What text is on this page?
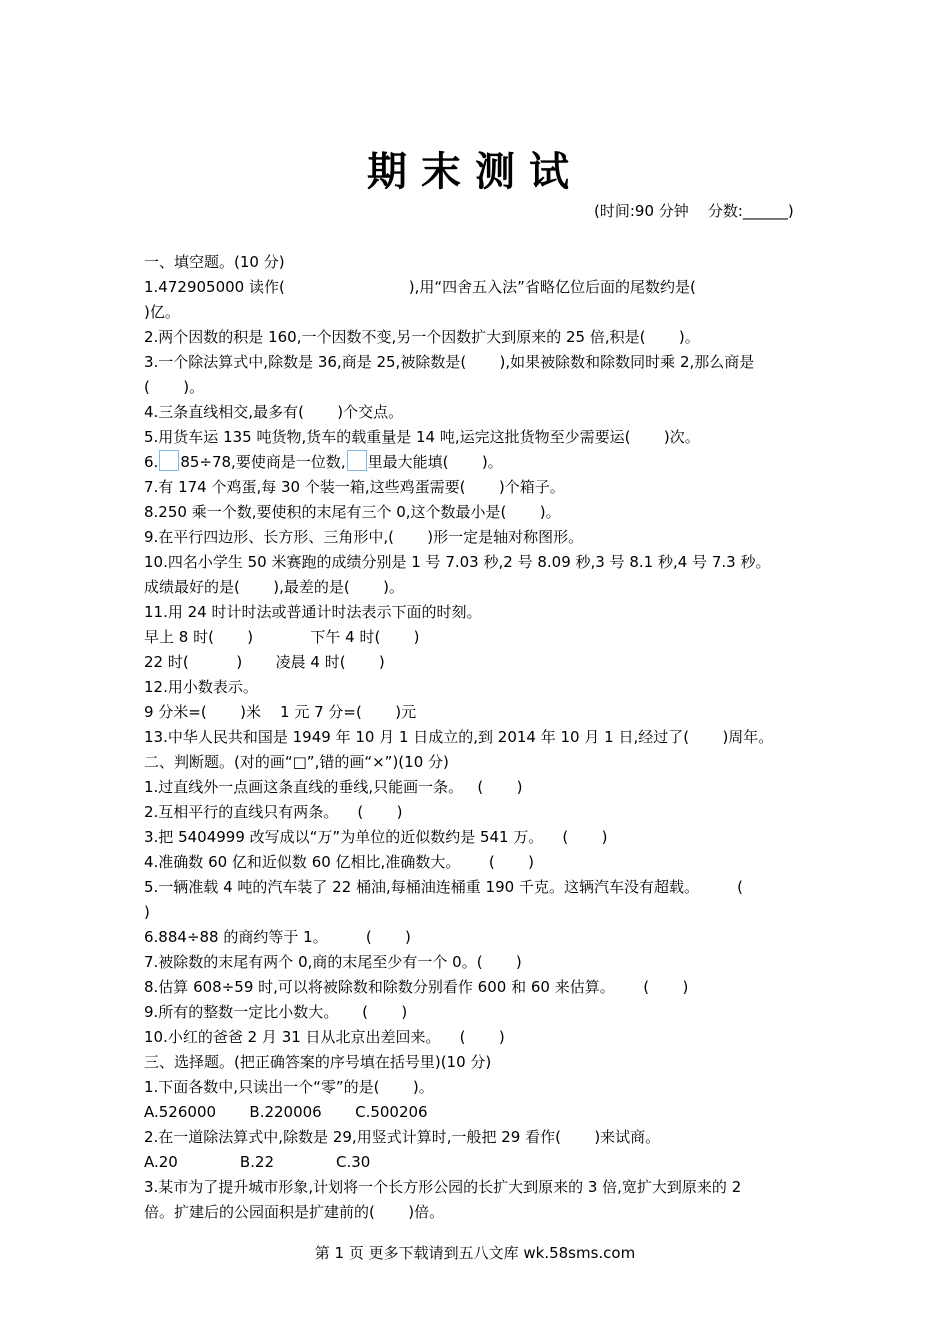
期末测试
(时间:90 分钟    分数:______)
一、填空题。(10 分)
1.472905000 读作(                          ),用“四舍五入法”省略亿位后面的尾数约是(
)亿。
2.两个因数的积是 160,一个因数不变,另一个因数扩大到原来的 25 倍,积是(       )。
3.一个除法算式中,除数是 36,商是 25,被除数是(       ),如果被除数和除数同时乘 2,那么商是
(       )。
4.三条直线相交,最多有(       )个交点。
5.用货车运 135 吨货物,货车的载重量是 14 吨,运完这批货物至少需要运(       )次。
6. 85÷78,要使商是一位数, 里最大能填(       )。
7.有 174 个鸡蛋,每 30 个装一箱,这些鸡蛋需要(       )个箱子。
8.250 乘一个数,要使积的末尾有三个 0,这个数最小是(       )。
9.在平行四边形、长方形、三角形中,(       )形一定是轴对称图形。
10.四名小学生 50 米赛跑的成绩分别是 1 号 7.03 秒,2 号 8.09 秒,3 号 8.1 秒,4 号 7.3 秒。
成绩最好的是(       ),最差的是(       )。
11.用 24 时计时法或普通计时法表示下面的时刻。
早上 8 时(       )            下午 4 时(       )
22 时(          )       凌晨 4 时(       )
12.用小数表示。
9 分米=(       )米    1 元 7 分=(       )元
13.中华人民共和国是 1949 年 10 月 1 日成立的,到 2014 年 10 月 1 日,经过了(       )周年。
二、判断题。(对的画“□”,错的画“×”)(10 分)
1.过直线外一点画这条直线的垂线,只能画一条。   (       )
2.互相平行的直线只有两条。    (       )
3.把 5404999 改写成以“万”为单位的近似数约是 541 万。    (       )
4.准确数 60 亿和近似数 60 亿相比,准确数大。      (       )
5.一辆准载 4 吨的汽车装了 22 桶油,每桶油连桶重 190 千克。这辆汽车没有超载。        (
)
6.884÷88 的商约等于 1。        (       )
7.被除数的末尾有两个 0,商的末尾至少有一个 0。(       )
8.估算 608÷59 时,可以将被除数和除数分别看作 600 和 60 来估算。      (       )
9.所有的整数一定比小数大。     (       )
10.小红的爸爸 2 月 31 日从北京出差回来。    (       )
三、选择题。(把正确答案的序号填在括号里)(10 分)
1.下面各数中,只读出一个“零”的是(       )。
A.526000       B.220006       C.500206
2.在一道除法算式中,除数是 29,用竖式计算时,一般把 29 看作(       )来试商。
A.20             B.22             C.30
3.某市为了提升城市形象,计划将一个长方形公园的长扩大到原来的 3 倍,宽扩大到原来的 2
倍。扩建后的公园面积是扩建前的(       )倍。
第 1 页 更多下载请到五八文库 wk.58sms.com
